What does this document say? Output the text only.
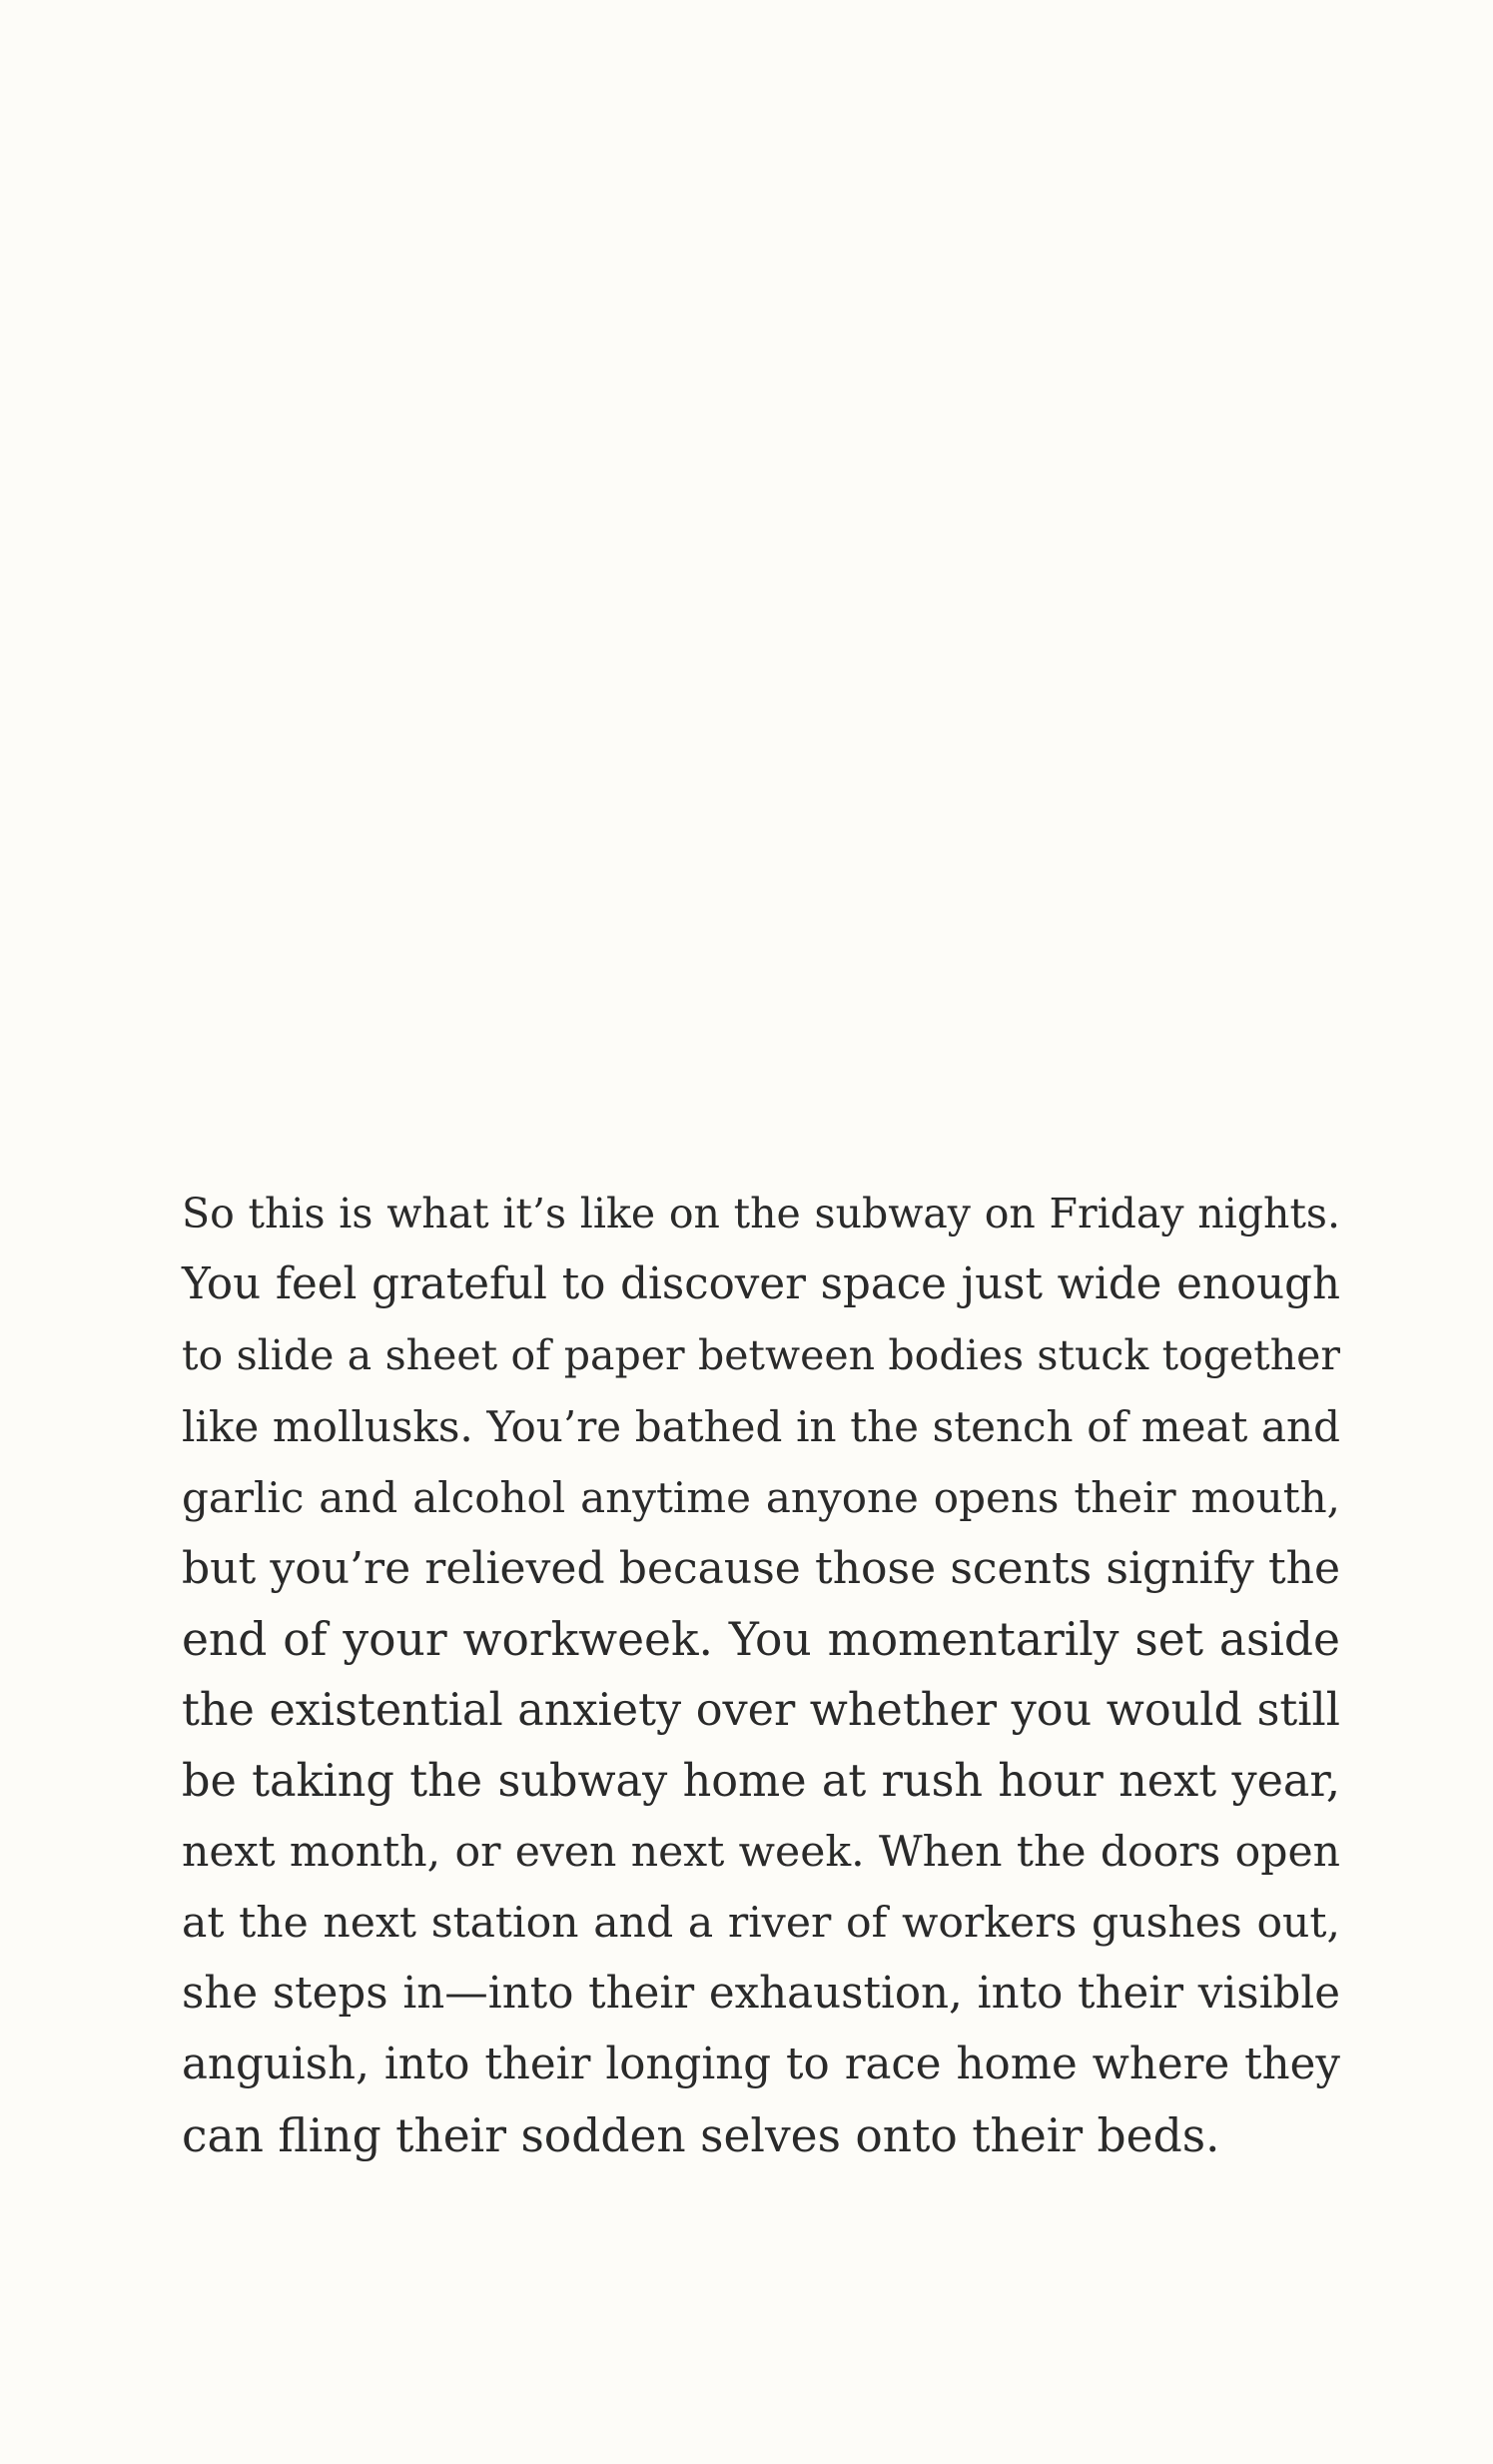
So this is what it’s like on the subway on Friday nights.
You feel grateful to discover space just wide enough
to slide a sheet of paper between bodies stuck together
like mollusks. You’re bathed in the stench of meat and
garlic and alcohol anytime anyone opens their mouth,
but you’re relieved because those scents signify the
end of your workweek. You momentarily set aside
the existential anxiety over whether you would still
be taking the subway home at rush hour next year,
next month, or even next week. When the doors open
at the next station and a river of workers gushes out,
she steps in—into their exhaustion, into their visible
anguish, into their longing to race home where they
can fling their sodden selves onto their beds.
